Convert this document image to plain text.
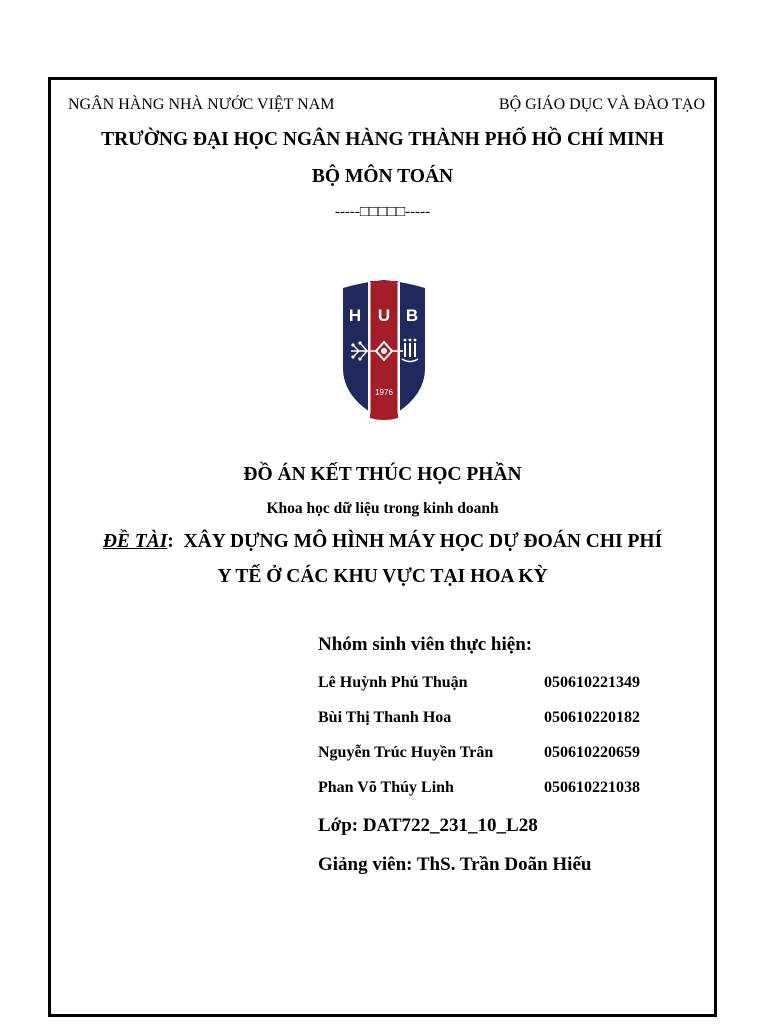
NGÂN HÀNG NHÀ NƯỚC VIỆT NAM	BỘ GIÁO DỤC VÀ ĐÀO TẠO
TRƯỜNG ĐẠI HỌC NGÂN HÀNG THÀNH PHỐ HỒ CHÍ MINH
BỘ MÔN TOÁN
-----□□□□□-----
H U B
1976
ĐỒ ÁN KẾT THÚC HỌC PHẦN
Khoa học dữ liệu trong kinh doanh
ĐỀ TÀI:  XÂY DỰNG MÔ HÌNH MÁY HỌC DỰ ĐOÁN CHI PHÍ
Y TẾ Ở CÁC KHU VỰC TẠI HOA KỲ
Nhóm sinh viên thực hiện:
Lê Huỳnh Phú Thuận	050610221349
Bùi Thị Thanh Hoa	050610220182
Nguyễn Trúc Huyền Trân	050610220659
Phan Võ Thúy Linh	050610221038
Lớp: DAT722_231_10_L28
Giảng viên: ThS. Trần Doãn Hiếu
